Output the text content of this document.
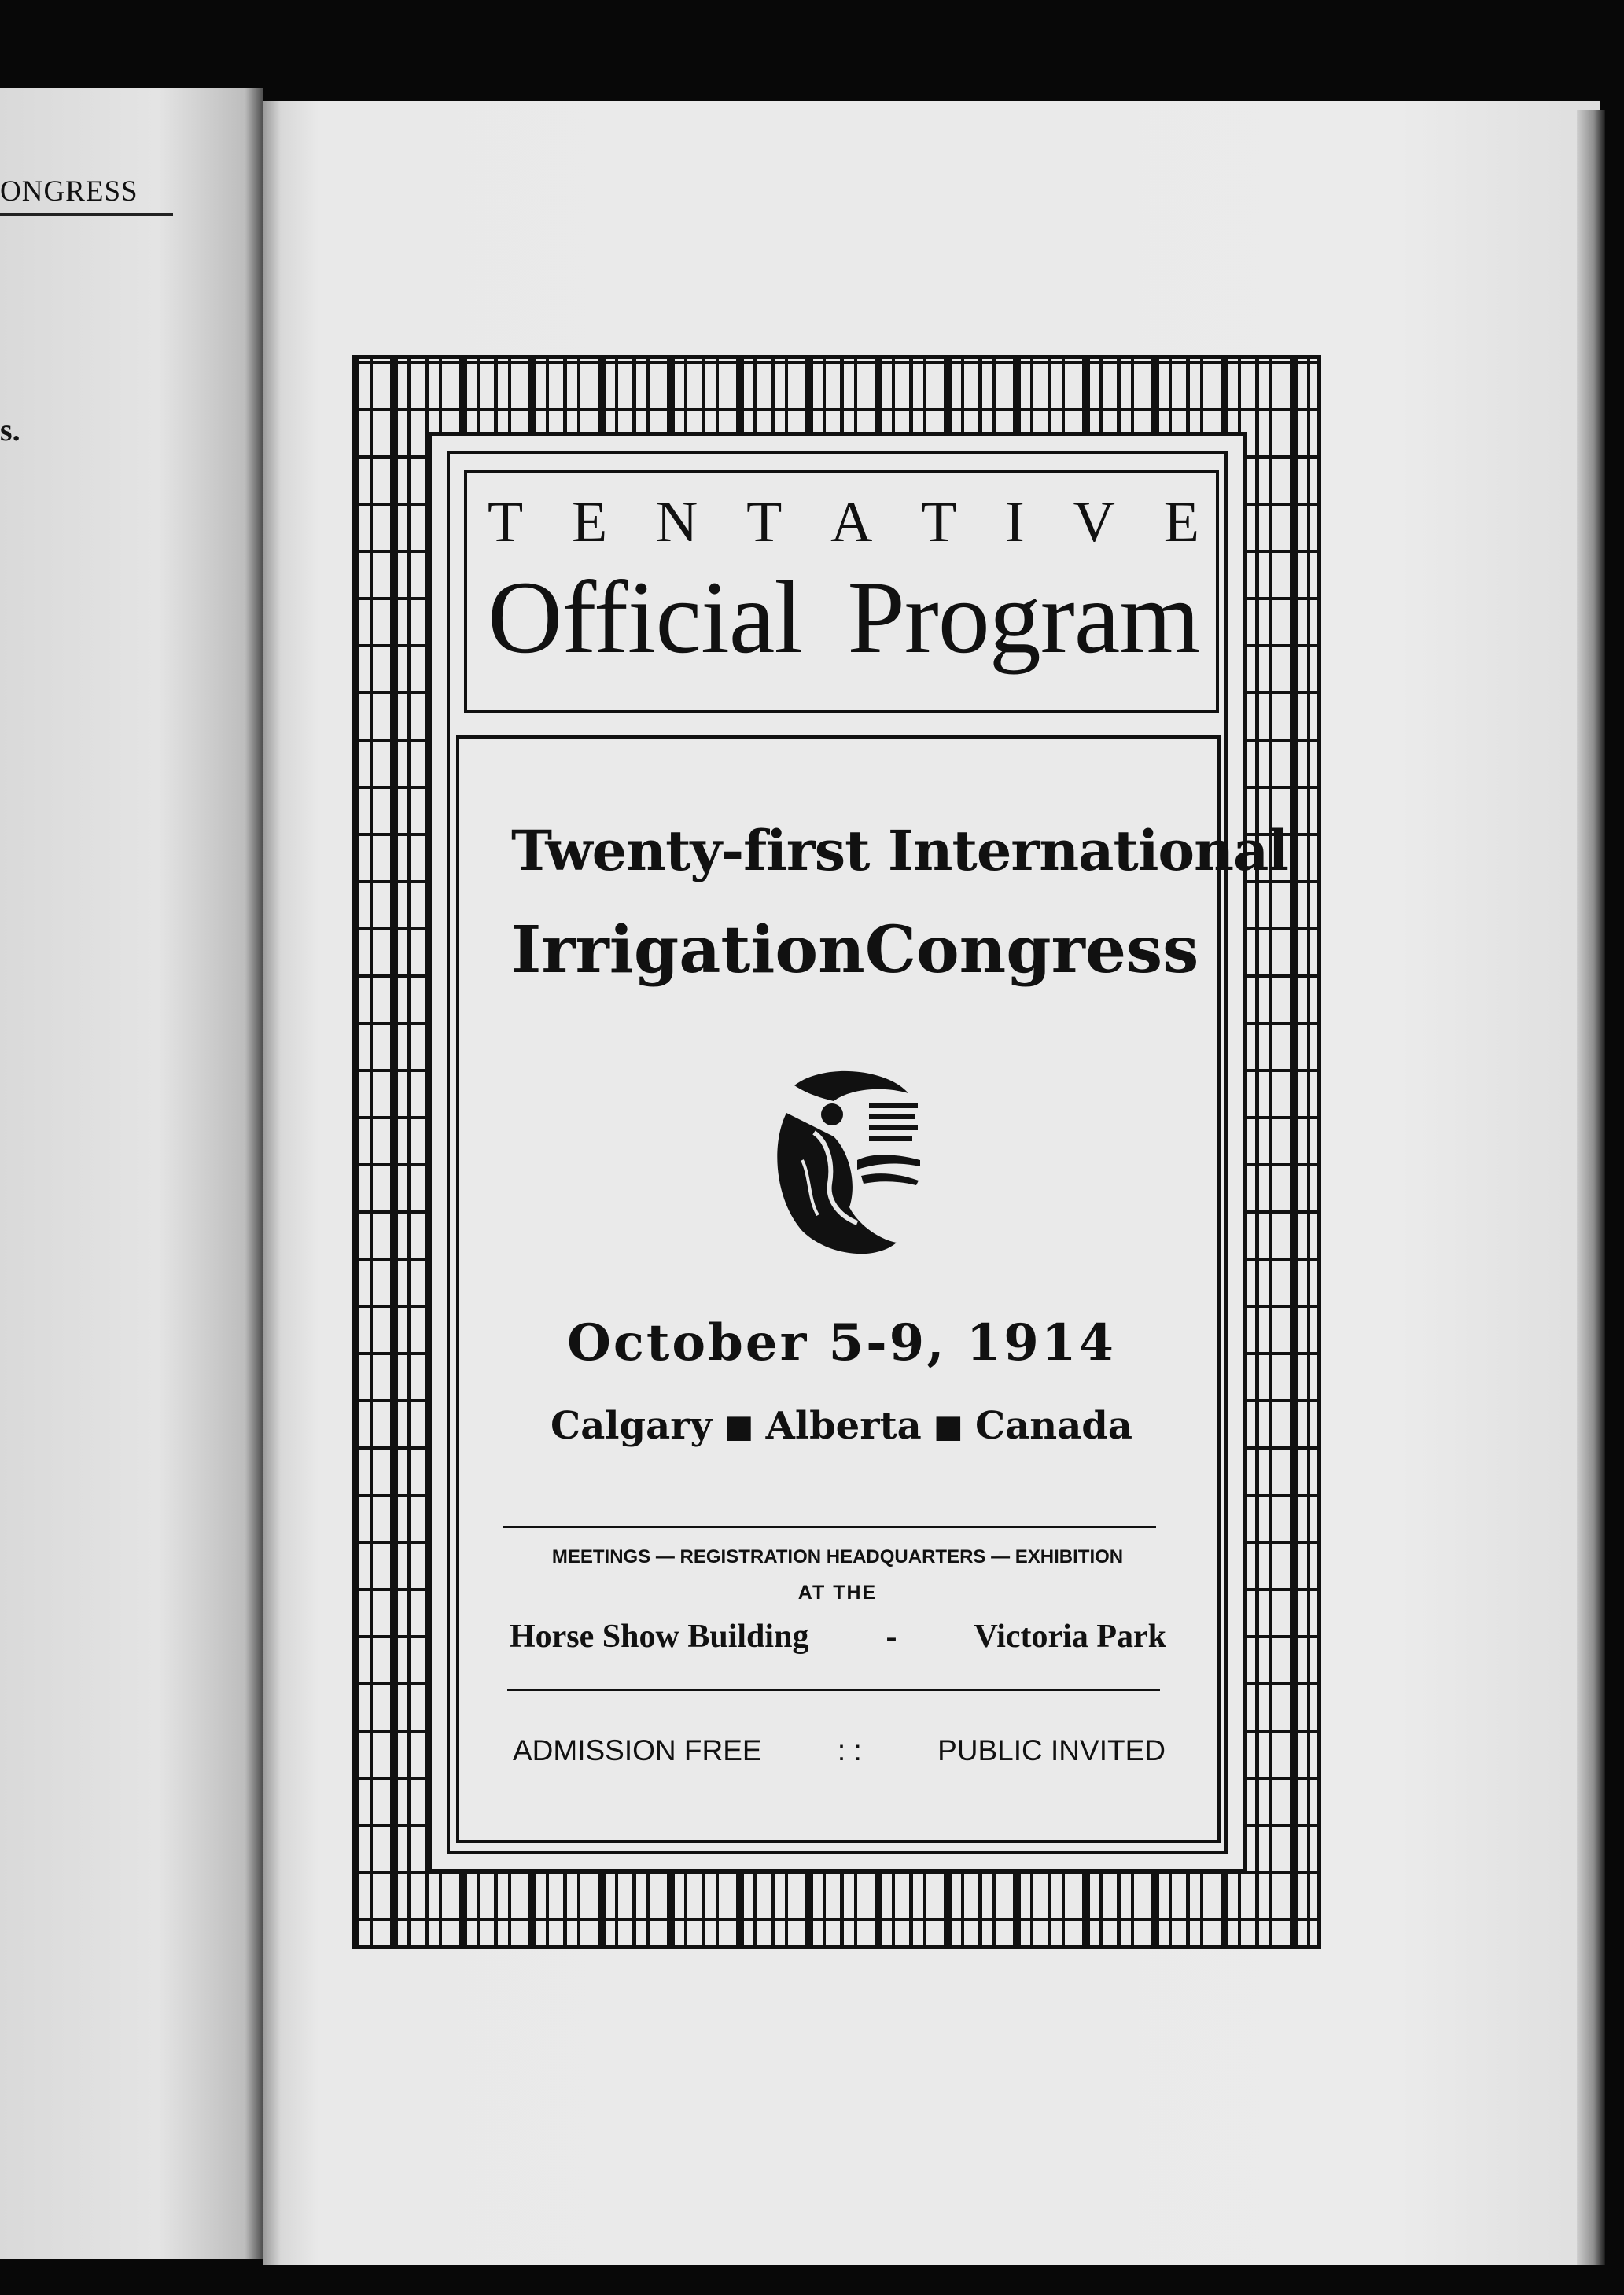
ONGRESS
s.
T E N T A T I V E
Official Program
Twenty-first International
Irrigation Congress
October 5-9, 1914
Calgary ■ Alberta ■ Canada
MEETINGS — REGISTRATION HEADQUARTERS — EXHIBITION
AT THE
Horse Show Building - Victoria Park
ADMISSION FREE	: :	PUBLIC INVITED
